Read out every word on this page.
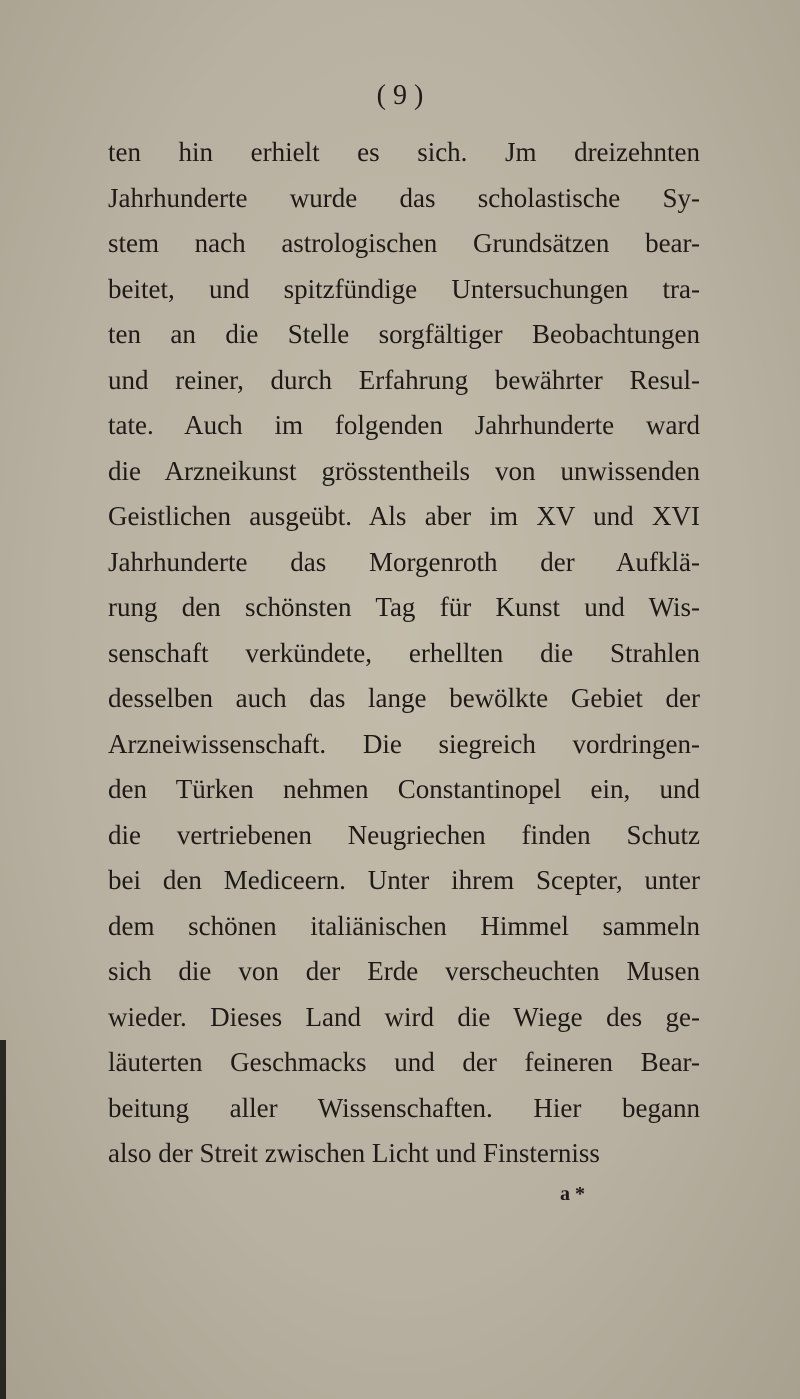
( 9 )
ten hin erhielt es sich. Jm dreizehnten
Jahrhunderte wurde das scholastische Sy-
stem nach astrologischen Grundsätzen bear-
beitet, und spitzfündige Untersuchungen tra-
ten an die Stelle sorgfältiger Beobachtungen
und reiner, durch Erfahrung bewährter Resul-
tate. Auch im folgenden Jahrhunderte ward
die Arzneikunst grösstentheils von unwissenden
Geistlichen ausgeübt. Als aber im XV und XVI
Jahrhunderte das Morgenroth der Aufklä-
rung den schönsten Tag für Kunst und Wis-
senschaft verkündete, erhellten die Strahlen
desselben auch das lange bewölkte Gebiet der
Arzneiwissenschaft. Die siegreich vordringen-
den Türken nehmen Constantinopel ein, und
die vertriebenen Neugriechen finden Schutz
bei den Mediceern. Unter ihrem Scepter, unter
dem schönen italiänischen Himmel sammeln
sich die von der Erde verscheuchten Musen
wieder. Dieses Land wird die Wiege des ge-
läuterten Geschmacks und der feineren Bear-
beitung aller Wissenschaften. Hier begann
also der Streit zwischen Licht und Finsterniss
a *
